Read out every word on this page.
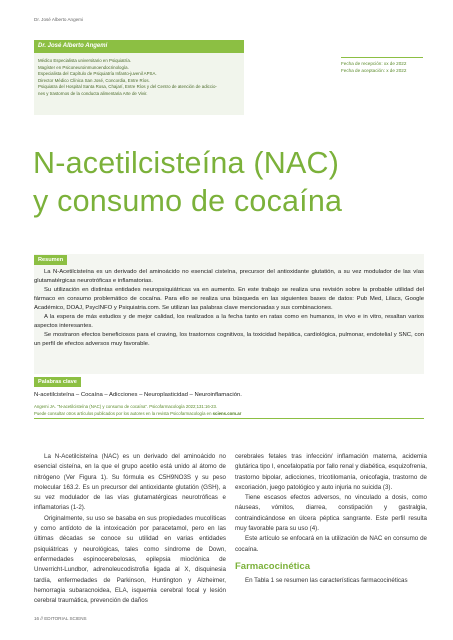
Dr. José Alberto Angemi
Dr. José Alberto Angemi
Médico Especialista universitario en Psiquiatría.
Magíster en Psiconeuroinmunoendocrinología.
Especialista del Capítulo de Psiquiatría Infanto-juvenil APSA.
Director Médico Clínica San José, Concordia, Entre Ríos.
Psiquiatra del Hospital Santa Rosa, Chajarí, Entre Ríos y del Centro de atención de adiccio-
nes y trastornos de la conducta alimentaria Arte de Vivir.
Fecha de recepción: xx de 2022
Fecha de aceptación: x de 2022
N-acetilcisteína (NAC)
y consumo de cocaína
Resumen

La N-Acetilcisteína es un derivado del aminoácido no esencial cisteína, precursor del antioxidante glutatión, a su vez modulador de las vías glutamatérgicas neurotróficas e inflamatorias.

Su utilización en distintas entidades neuropsiquiátricas va en aumento. En este trabajo se realiza una revisión sobre la probable utilidad del fármaco en consumo problemático de cocaína. Para ello se realiza una búsqueda en las siguientes bases de datos: Pub Med, Lilacs, Google Académico, DOAJ, PsycINFO y Psiquiatria.com. Se utilizan las palabras clave mencionadas y sus combinaciones.

A la espera de más estudios y de mejor calidad, los realizados a la fecha tanto en ratas como en humanos, in vivo e in vitro, resaltan varios aspectos interesantes.

Se mostraron efectos beneficiosos para el craving, los trastornos cognitivos, la toxicidad hepática, cardiológica, pulmonar, endotelial y SNC, con un perfil de efectos adversos muy favorable.

Palabras clave
N-acetilcisteína – Cocaína – Adicciones – Neuroplasticidad – Neuroinflamación.
Angemi JA. "N-acetilcisteína (NAC) y consumo de cocaína". Psicofarmacología 2022;131:16-23.
Puede consultar otros artículos publicados por los autores en la revista Psicofarmacología en sciens.com.ar

La N-Acetilcisteína (NAC) es un derivado del aminoácido no esencial cisteína, en la que el grupo acetilo está unido al átomo de nitrógeno (Ver Figura 1). Su fórmula es C5H9NO3S y su peso molecular 163.2. Es un precursor del antioxidante glutatión (GSH), a su vez modulador de las vías glutamatérgicas neurotróficas e inflamatorias (1-2).

Originalmente, su uso se basaba en sus propiedades mucolíticas y como antídoto de la intoxicación por paracetamol, pero en las últimas décadas se conoce su utilidad en varias entidades psiquiátricas y neurológicas, tales como síndrome de Down, enfermedades espinocerebelosas, epilepsia mioclónica de Unverricht-Lundbor, adrenoleucodistrofia ligada al X, disquinesia tardía, enfermedades de Parkinson, Huntington y Alzheimer, hemorragia subaracnoidea, ELA, isquemia cerebral focal y lesión cerebral traumática, prevención de daños

cerebrales fetales tras infección/ inflamación materna, acidemia glutárica tipo I, encefalopatía por fallo renal y diabética, esquizofrenia, trastorno bipolar, adicciones, tricotilomanía, onicofagia, trastorno de excoriación, juego patológico y auto injuria no suicida (3).

Tiene escasos efectos adversos, no vinculado a dosis, como náuseas, vómitos, diarrea, constipación y gastralgia, contraindicándose en úlcera péptica sangrante. Este perfil resulta muy favorable para su uso (4).

Este artículo se enfocará en la utilización de NAC en consumo de cocaína.

Farmacocinética

En Tabla 1 se resumen las características farmacocinéticas

16 // EDITORIAL SCIENS
